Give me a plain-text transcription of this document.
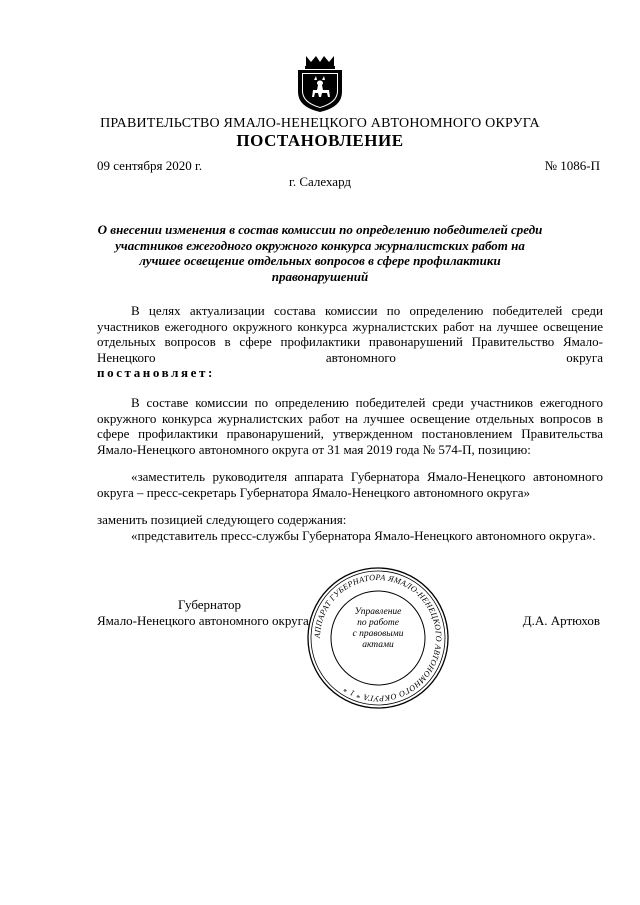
ПРАВИТЕЛЬСТВО ЯМАЛО-НЕНЕЦКОГО АВТОНОМНОГО ОКРУГА
ПОСТАНОВЛЕНИЕ
09 сентября 2020 г.	№ 1086-П
г. Салехард

О внесении изменения в состав комиссии по определению победителей среди участников ежегодного окружного конкурса журналистских работ на лучшее освещение отдельных вопросов в сфере профилактики правонарушений

В целях актуализации состава комиссии по определению победителей среди участников ежегодного окружного конкурса журналистских работ на лучшее освещение отдельных вопросов в сфере профилактики правонарушений Правительство Ямало-Ненецкого автономного округа

постановляет:

В составе комиссии по определению победителей среди участников ежегодного окружного конкурса журналистских работ на лучшее освещение отдельных вопросов в сфере профилактики правонарушений, утвержденном постановлением Правительства Ямало-Ненецкого автономного округа от 31 мая 2019 года № 574-П, позицию:

«заместитель руководителя аппарата Губернатора Ямало-Ненецкого автономного округа – пресс-секретарь Губернатора Ямало-Ненецкого автономного округа»

заменить позицией следующего содержания:

«представитель пресс-службы Губернатора Ямало-Ненецкого автономного округа».

АППАРАТ ГУБЕРНАТОРА ЯМАЛО-НЕНЕЦКОГО АВТОНОМНОГО ОКРУГА * 1 *
Управление
по работе
с правовыми
актами
Губернатор
Ямало-Ненецкого автономного округа	Д.А. Артюхов
